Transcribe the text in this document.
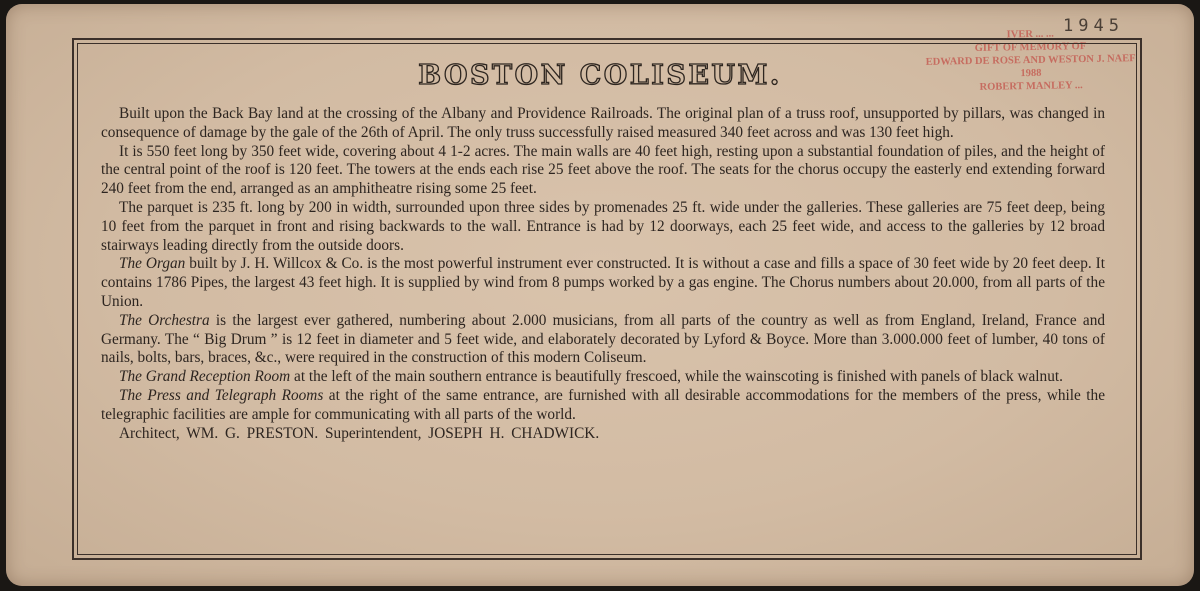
1945
IVER ... ...
GIFT OF MEMORY OF
EDWARD DE ROSE AND WESTON J. NAEF
1988
ROBERT MANLEY ...
BOSTON COLISEUM.

Built upon the Back Bay land at the crossing of the Albany and Providence Railroads. The original plan of a truss roof, unsupported by pillars, was changed in consequence of damage by the gale of the 26th of April. The only truss successfully raised measured 340 feet across and was 130 feet high.

It is 550 feet long by 350 feet wide, covering about 4 1-2 acres. The main walls are 40 feet high, resting upon a substantial foundation of piles, and the height of the central point of the roof is 120 feet. The towers at the ends each rise 25 feet above the roof. The seats for the chorus occupy the easterly end extending forward 240 feet from the end, arranged as an amphitheatre rising some 25 feet.

The parquet is 235 ft. long by 200 in width, surrounded upon three sides by promenades 25 ft. wide under the galleries. These galleries are 75 feet deep, being 10 feet from the parquet in front and rising backwards to the wall. Entrance is had by 12 doorways, each 25 feet wide, and access to the galleries by 12 broad stairways leading directly from the outside doors.

The Organ built by J. H. Willcox & Co. is the most powerful instrument ever constructed. It is without a case and fills a space of 30 feet wide by 20 feet deep. It contains 1786 Pipes, the largest 43 feet high. It is supplied by wind from 8 pumps worked by a gas engine. The Chorus numbers about 20.000, from all parts of the Union.

The Orchestra is the largest ever gathered, numbering about 2.000 musicians, from all parts of the country as well as from England, Ireland, France and Germany. The “ Big Drum ” is 12 feet in diameter and 5 feet wide, and elaborately decorated by Lyford & Boyce. More than 3.000.000 feet of lumber, 40 tons of nails, bolts, bars, braces, &c., were required in the construction of this modern Coliseum.

The Grand Reception Room at the left of the main southern entrance is beautifully frescoed, while the wainscoting is finished with panels of black walnut.

The Press and Telegraph Rooms at the right of the same entrance, are furnished with all desirable accommodations for the members of the press, while the telegraphic facilities are ample for communicating with all parts of the world.

Architect, WM. G. PRESTON. Superintendent, JOSEPH H. CHADWICK.
